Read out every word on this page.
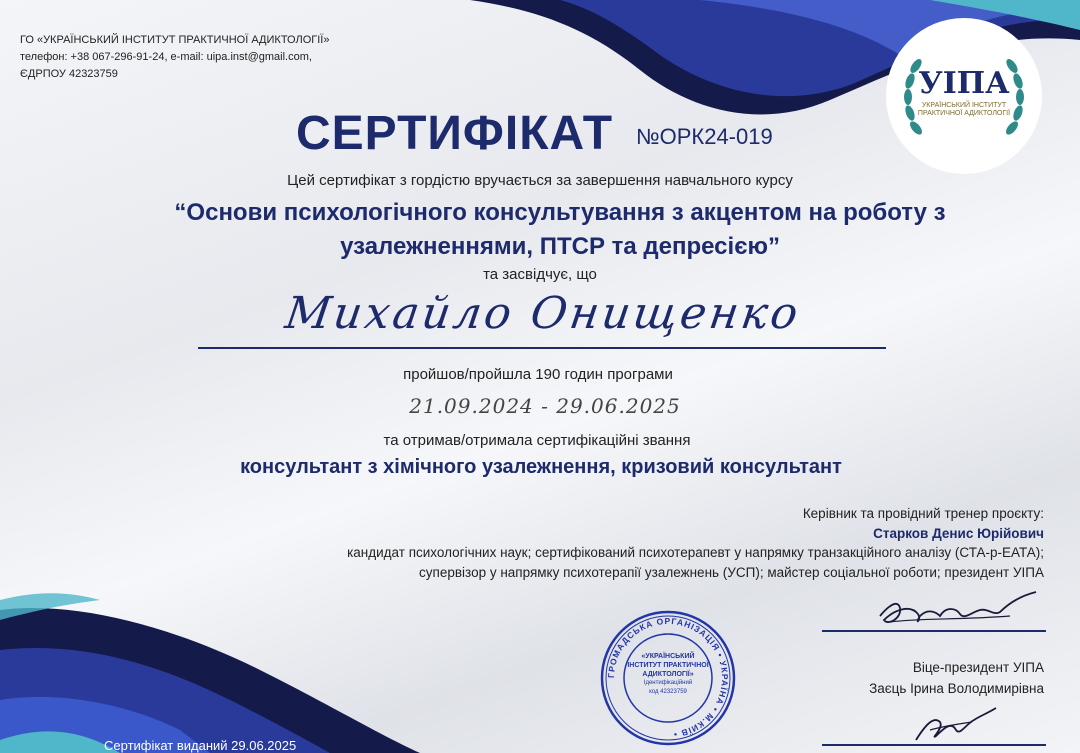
ГО «УКРАЇНСЬКИЙ ІНСТИТУТ ПРАКТИЧНОЇ АДИКТОЛОГІЇ»
телефон: +38 067-296-91-24, e-mail: uipa.inst@gmail.com,
ЄДРПОУ 42323759	УІПА
УКРАЇНСЬКИЙ ІНСТИТУТ ПРАКТИЧНОЇ АДИКТОЛОГІЇ
СЕРТИФІКАТ №ОРК24-019
Цей сертифікат з гордістю вручається за завершення навчального курсу
“Основи психологічного консультування з акцентом на роботу з
узалежненнями, ПТСР та депресією”
та засвідчує, що
Михайло Онищенко
пройшов/пройшла 190 годин програми
21.09.2024 - 29.06.2025
та отримав/отримала сертифікаційні звання
консультант з хімічного узалежнення, кризовий консультант
Керівник та провідний тренер проєкту:
Старков Денис Юрійович
кандидат психологічних наук; сертифікований психотерапевт у напрямку транзакційного аналізу (СТА-р-ЕАТА);
супервізор у напрямку психотерапії узалежнень (УСП); майстер соціальної роботи; президент УІПА
Віце-президент УІПА
Заєць Ірина Володимирівна
ГРОМАДСЬКА ОРГАНІЗАЦІЯ • УКРАЇНА • М.КИЇВ •
«УКРАЇНСЬКИЙ
ІНСТИТУТ ПРАКТИЧНОЇ
АДИКТОЛОГІЇ»
Ідентифікаційний
код 42323759
Сертифікат виданий 29.06.2025
